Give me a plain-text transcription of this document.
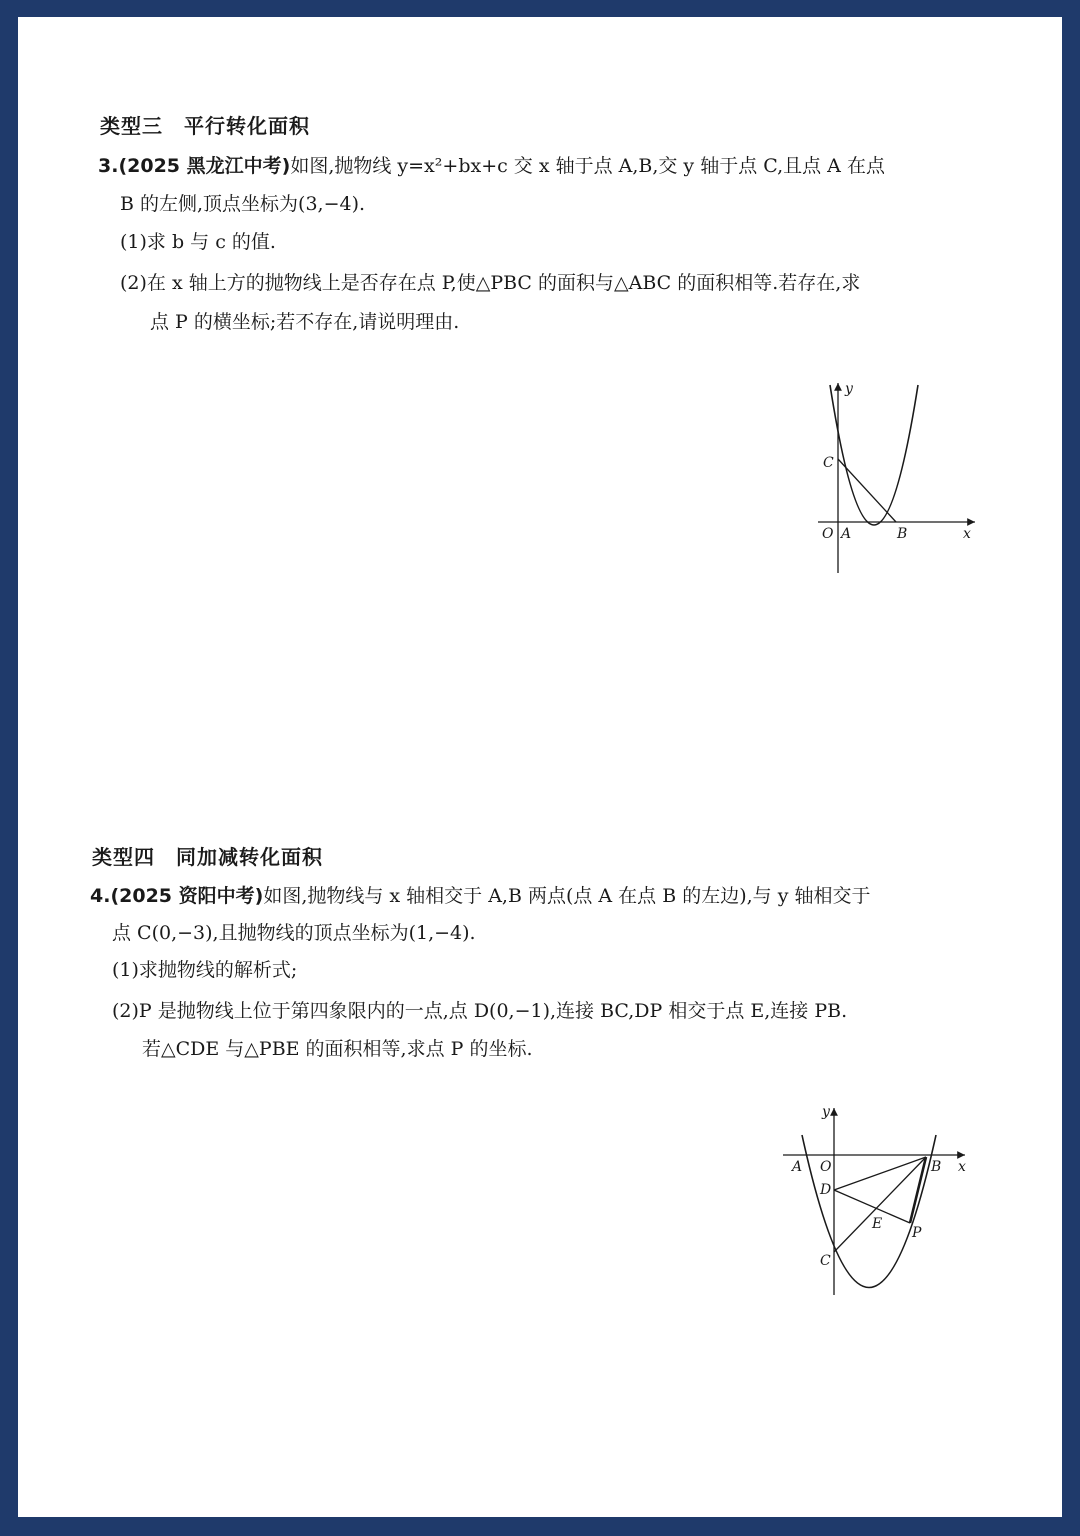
类型三　平行转化面积
3.(2025 黑龙江中考)如图,抛物线 y=x²+bx+c 交 x 轴于点 A,B,交 y 轴于点 C,且点 A 在点
B 的左侧,顶点坐标为(3,−4).
(1)求 b 与 c 的值.
(2)在 x 轴上方的抛物线上是否存在点 P,使△PBC 的面积与△ABC 的面积相等.若存在,求
点 P 的横坐标;若不存在,请说明理由.
y
C
O A	B	x
类型四　同加减转化面积
4.(2025 资阳中考)如图,抛物线与 x 轴相交于 A,B 两点(点 A 在点 B 的左边),与 y 轴相交于
点 C(0,−3),且抛物线的顶点坐标为(1,−4).
(1)求抛物线的解析式;
(2)P 是抛物线上位于第四象限内的一点,点 D(0,−1),连接 BC,DP 相交于点 E,连接 PB.
若△CDE 与△PBE 的面积相等,求点 P 的坐标.
y
A O	B x
D
E
P
C
